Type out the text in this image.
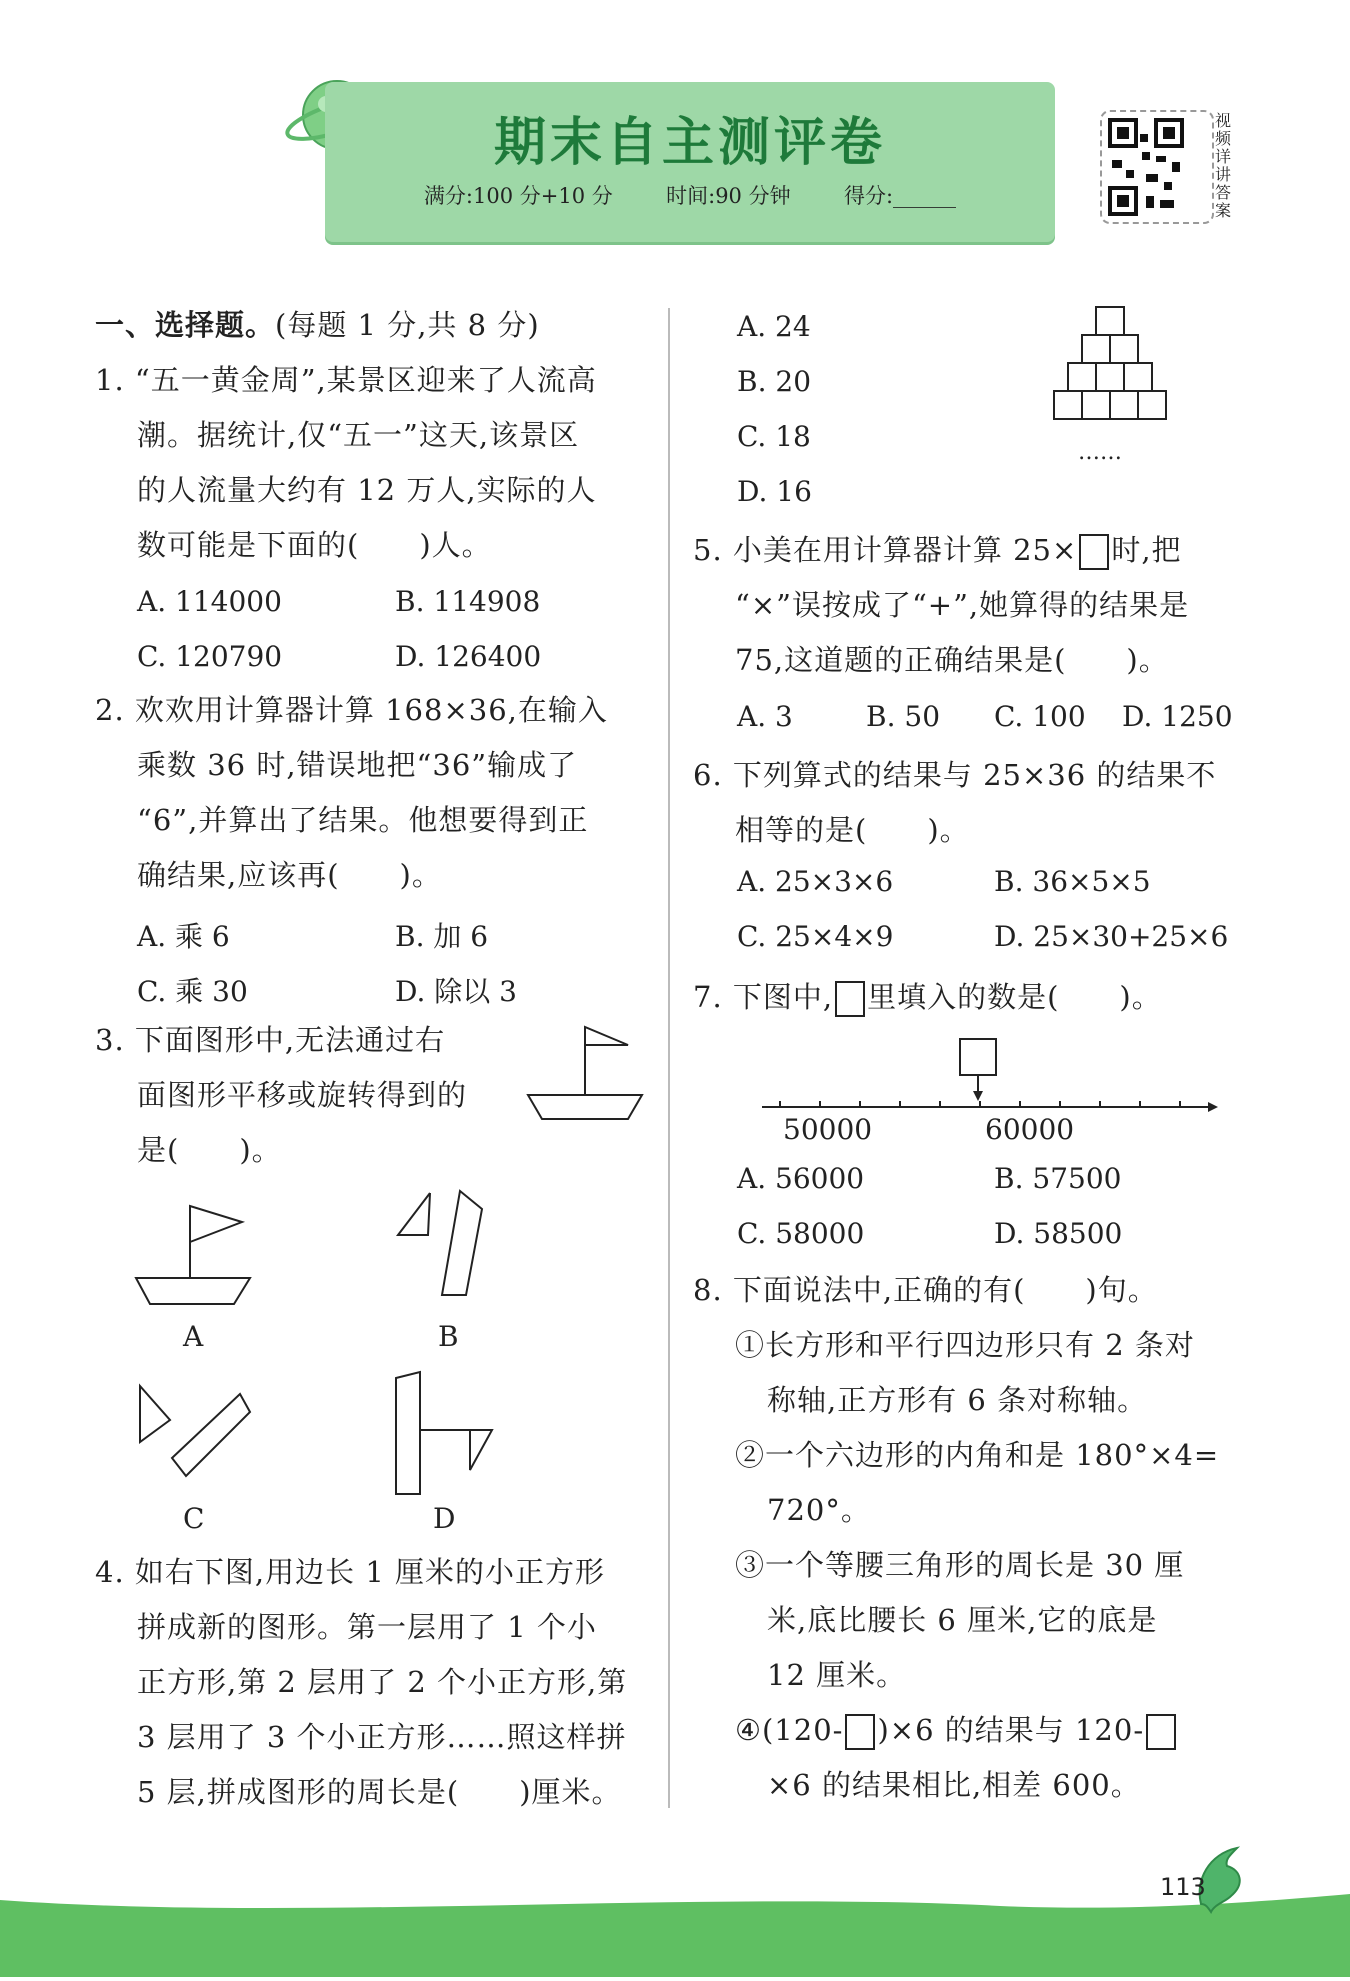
期末自主测评卷
满分:100 分+10 分	时间:90 分钟	得分:______
视频详讲答案
一、选择题。(每题 1 分,共 8 分)
1. “五一黄金周”,某景区迎来了人流高
潮。据统计,仅“五一”这天,该景区
的人流量大约有 12 万人,实际的人
数可能是下面的(　　)人。
A. 114000	B. 114908
C. 120790	D. 126400
2. 欢欢用计算器计算 168×36,在输入
乘数 36 时,错误地把“36”输成了
“6”,并算出了结果。他想要得到正
确结果,应该再(　　)。
A. 乘 6	B. 加 6
C. 乘 30	D. 除以 3
3. 下面图形中,无法通过右
面图形平移或旋转得到的
是(　　)。
A	B
C	D
4. 如右下图,用边长 1 厘米的小正方形
拼成新的图形。第一层用了 1 个小
正方形,第 2 层用了 2 个小正方形,第
3 层用了 3 个小正方形……照这样拼
5 层,拼成图形的周长是(　　)厘米。
A. 24
B. 20
C. 18
D. 16
……
5. 小美在用计算器计算 25× 时,把
“×”误按成了“+”,她算得的结果是
75,这道题的正确结果是(　　)。
A. 3	B. 50 C. 100 D. 1250
6. 下列算式的结果与 25×36 的结果不
相等的是(　　)。
A. 25×3×6	B. 36×5×5
C. 25×4×9	D. 25×30+25×6
7. 下图中, 里填入的数是(　　)。
50000	60000
A. 56000	B. 57500
C. 58000	D. 58500
8. 下面说法中,正确的有(　　)句。
①长方形和平行四边形只有 2 条对
称轴,正方形有 6 条对称轴。
②一个六边形的内角和是 180°×4=
720°。
③一个等腰三角形的周长是 30 厘
米,底比腰长 6 厘米,它的底是
12 厘米。
④(120- )×6 的结果与 120-
×6 的结果相比,相差 600。
113
